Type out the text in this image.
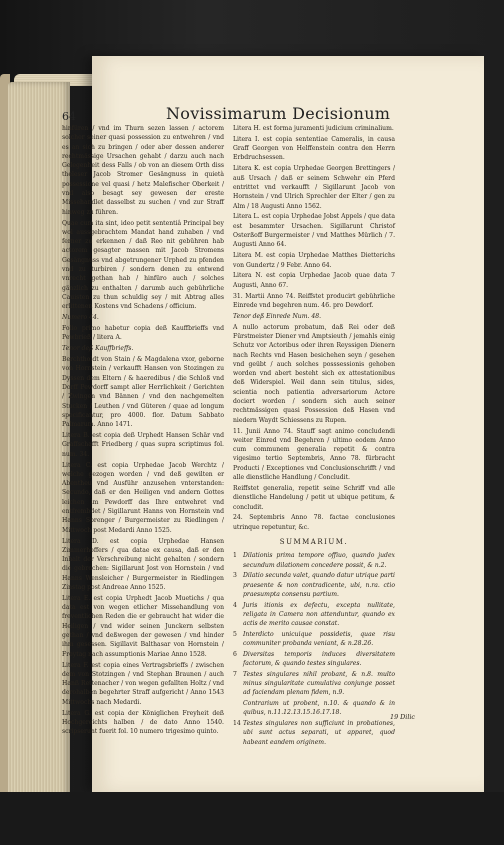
64	Novissimarum Decisionum

hinfüren / vnd im Thurn sezen lassen / actorem solcher seiner quasi possession zu entwehren / vnd es an sich zu bringen / oder aber dessen anderer rechtmässige Ursachen gehabt / darzu auch nach Gelegenheit dess Falls / ob von an diesem Orth diss theleser Jacob Stromer Gesängnuss in quietà possessione vel quasi / hetz Malefischer Oberkeit / vnd also besagt sey gewesen der ereste Missehandlet dasselbst zu suchen / vnd zur Straff hinweg zu führen.

Quae cum ita sint, ideo petit sententiâ Principal bey wol aussgebrachtem Mandat hand zuhaben / vnd ferner zu erkennen / daß Reo nit gebühren hab actorem gesagter massen mit Jacob Stromens Gesängnuss vnd abgetrungener Urphed zu pfenden vnd zu turbiren / sondern denen zu entwend vnrecht gethan hab / hinfüro auch / solches gänzlich zu enthalten / darumb auch gebührliche Cauisten zu thun schuldig sey / mit Abtrag alles erlittenen Kostens vnd Schadens / officium.

Numero 44.

Folio primo habetur copia deß Kauffbrieffs vnd Pewbrieß / litera A.

Tenor deß Kauffbrieffs.

Berchtholdt von Stain / & Magdalena vxor, geborne von Hornstein / verkaufft Hansen von Stozingen zu Dyssen dem Eltern / & haeredibus / die Schloß vnd Dorff Pewdorff sampt aller Herrlichkeit / Gerichten / Zwingen vnd Bännen / vnd den nachgemelten Stucken / Leuthen / vnd Güteren / quae ad longum specificantur, pro 4000. flor. Datum Sabbato Palmarum. Anno 1471.

Litera B. est copia deß Urphedt Hansen Schär vnd Graffschafft Friedberg / quas supra scriptimus fol. num. 34.

Litera C. est copia Urphedae Jacob Werchtz / welche gezogen worden / vnd deß gewilten er Abentheu vnd Ausführ anzusehen vnterstanden: Secundo, daß er den Heiligen vnd andern Gottes leichen im Pewdorff das Ihre entwehret vnd entfrembdet / Sigillarunt Hanns von Hornstein vnd Hanns Sprenger / Burgermeister zu Riedlingen / Mittwoch post Medardi Anno 1525.

Litera D. est copia Urphedae Hansen Zimmerhoffers / qua datae ex causa, daß er den Inhalt der Verschreibung nicht gehalten / sondern die gebrochen: Sigillarunt Jost von Hornstein / vnd Hanns Wensleicher / Burgermeister in Riedlingen Zinstag post Andreae Anno 1525.

Litera E. est copia Urphedt Jacob Muetichs / qua data est von wegen etlicher Missehandlung von freventlichen Reden die er gebraucht hat wider die Heiligen / vnd wider seinen Junckern selbsten gethan / vnd deßwegen der gewesen / vnd hinder ihm gesessen. Sigillavit Balthasar von Hornstein / Freytag nach assumptionis Mariae Anno 1528.

Litera F. est copia eines Vertragsbrieffs / zwischen dem von Stotzingen / vnd Stephan Braunen / auch Hanß Rettenacher / von wegen gefallten Holtz / vnd derohalben begehrter Straff aufgericht / Anno 1543 Mittwochs nach Medardi.

Litera G. est copia der Königlichen Freyheit deß Hochgereichts halben / de dato Anno 1540. scripserunt fuerit fol. 10 numero trigesimo quinto.

Litera H. est forma juramenti judicium criminalium.

Litera I. est copia sententiae Cameralis, in causa Graff Georgen von Helffenstein contra den Herrn Erbdruchsessen.

Litera K. est copia Urphedae Georgen Brettingers / auß Ursach / daß er seinem Schwehr ein Pferd entrittet vnd verkaufft / Sigillarunt Jacob von Hornstein / vnd Ulrich Sprechler der Elter / gen zu Alm / 18 Augusti Anno 1562.

Litera L. est copia Urphedae Jobst Appels / que data est besammter Ursachen. Sigillarunt Christof Osterßoff Burgermeister / vnd Matthes Mürlich / 7. Augusti Anno 64.

Litera M. est copia Urphedae Matthes Dietterichs von Gundertz / 9 Febr. Anno 64.

Litera N. est copia Urphedae Jacob quae data 7 Augusti, Anno 67.

31. Martii Anno 74. Reiffstet producirt gebührliche Einrede vnd begehren num. 46. pro Dewdorf.

Tenor deß Einrede Num. 48.

A nullo actorum probatum, daß Rei oder deß Fürstmeister Diener vnd Amptsieuth / jemahls einig Schutz vor Actoribus oder ihren Reyssigen Dienern nach Rechts vnd Hasen besichehen seyn / gesehen vnd geübt / auch solches posssessionis gehoben worden vnd abert besteht sich ex attestationibus deß Widerspiel. Weil dann sein titulus, sides, scientia noch patientia adversariorum Actore dociert worden / sondern sich auch seiner rechtmässigen quasi Possession deß Hasen vnd niedern Waydt Schiessens zu Rupen.

11. Junii Anno 74. Stauff sagt animo concludendi weiter Einred vnd Begehren / ultimo eodem Anno cum communem generalia repetit & contra vigesimo tertio Septembris, Anno 78. fürbracht Producti / Exceptiones vnd Conclusionschrifft / vnd alle dienstliche Handlung / Concludit.

Reiffstet generalia, repetit seine Schriff vnd alle dienstliche Handelung / petit ut ubique petitum, & concludit.

24. Septembris Anno 78. factae conclusiones utrinque repetuntur, &c.

SUMMARIUM.
1	Dilationis prima tempore offiuo, quando judex secundum dilationem concedere possit, & n.2.
3	Dilatio secunda valet, quando datur utrique parti praesente & non contradicente, ubi, n.ra. ctio praesumpta consensu partium.
4	Juris itionis ex defectu, excepta nullitate, religata in Camera non attenduntur, quando ex actis de merito causae constat.
5	Interdicto unicuique possidetis, quae risu communiter probanda veniant, & n.28.26.
6	Diversitas temporis induces diversitatem factorum, & quando testes singulares.
7	Testes singulares nihil probant, & n.8. multo minus singularitate cumulativa conjunge posset ad faciendam plenam fidem, n.9.
Contrarium ut probent, n.10. & quando & in quibus, n.11.12.13.15.16.17.18.
14 Testes singulares non sufficiunt in probationes, ubi sunt actus separati, ut apparet, quod habeant eandem originem.
19 Dilic
